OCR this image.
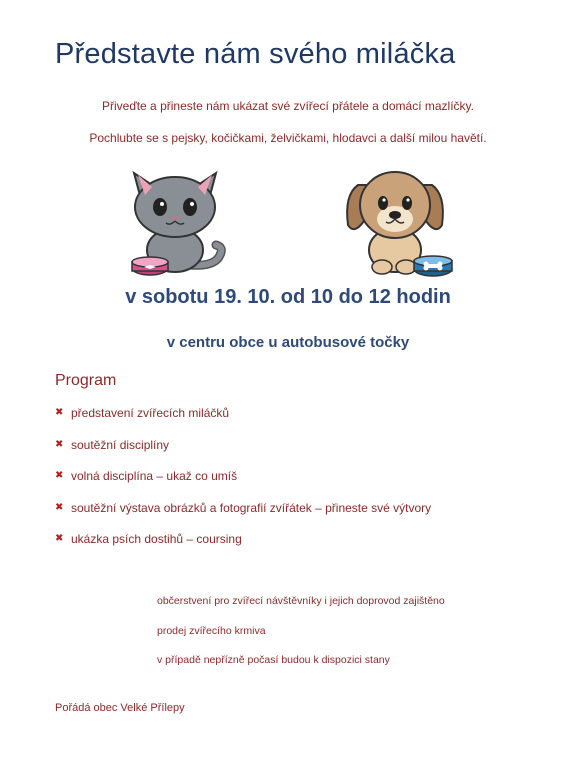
Představte nám svého miláčka
Přiveďte a přineste nám ukázat své zvířecí přátele a domácí mazlíčky.
Pochlubte se s pejsky, kočičkami, želvičkami, hlodavci a další milou havětí.
v sobotu 19. 10. od 10 do 12 hodin
v centru obce u autobusové točky
Program
✖ představení zvířecích miláčků
✖ soutěžní disciplíny
✖ volná disciplína – ukaž co umíš
✖ soutěžní výstava obrázků a fotografií zvířátek – přineste své výtvory
✖ ukázka psích dostihů – coursing
občerstvení pro zvířecí návštěvníky i jejich doprovod zajištěno
prodej zvířecího krmiva
v případě nepřízně počasí budou k dispozici stany
Pořádá obec Velké Přílepy
